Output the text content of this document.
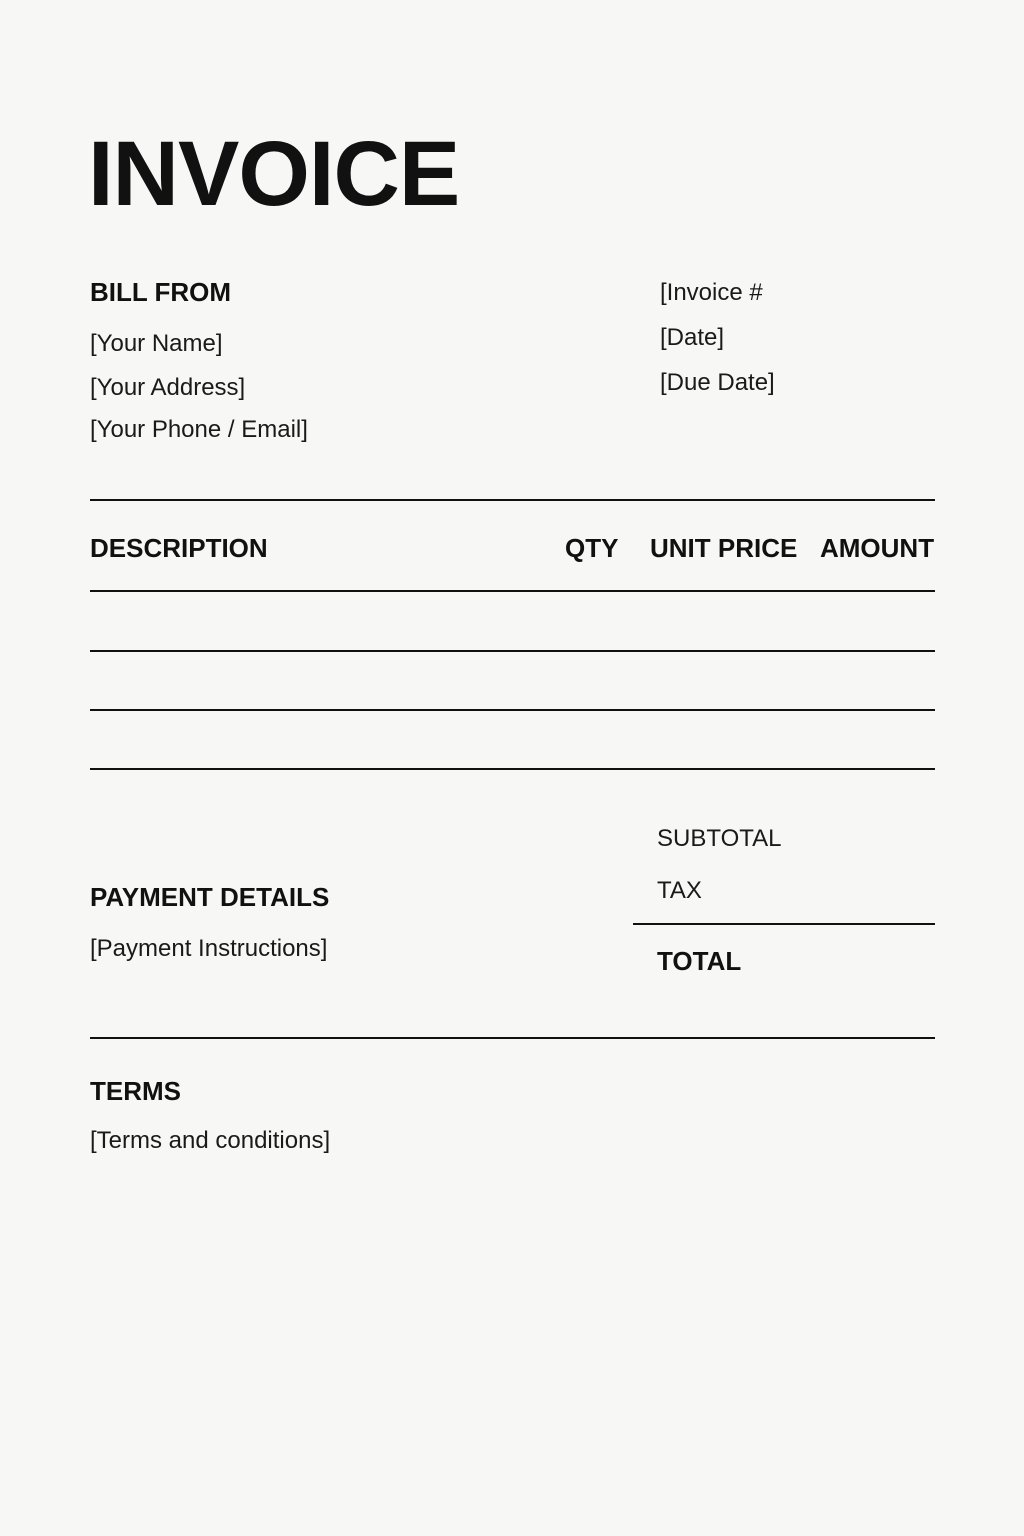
INVOICE
BILL FROM
[Your Name]
[Your Address]
[Your Phone / Email]
[Invoice #
[Date]
[Due Date]
DESCRIPTION	QTY UNIT PRICE AMOUNT
SUBTOTAL
TAX
TOTAL
PAYMENT DETAILS
[Payment Instructions]
TERMS
[Terms and conditions]
